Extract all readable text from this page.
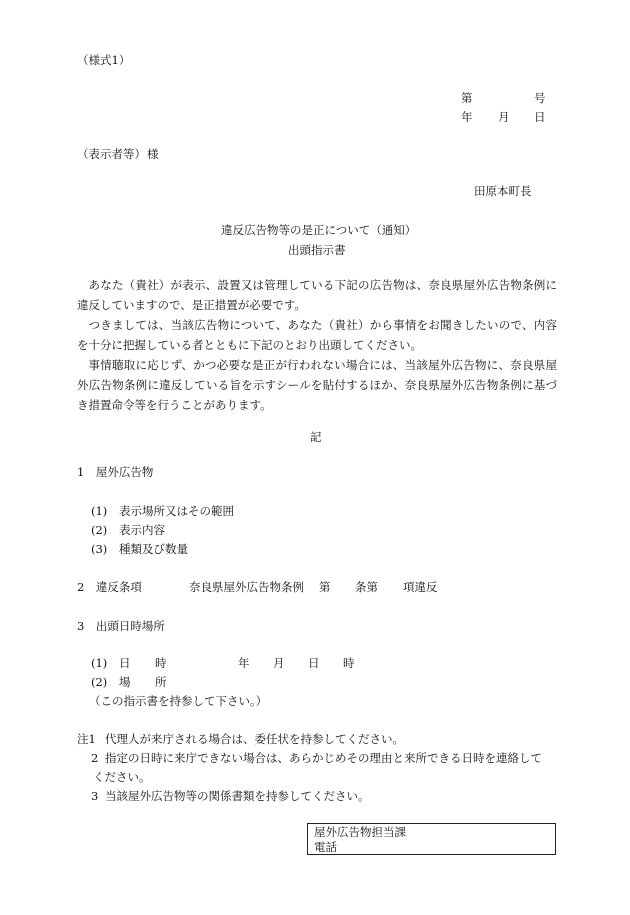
（様式1）
第	号
年 月 日
（表示者等） 様
田原本町長
違反広告物等の是正について（通知）
出頭指示書

あなた（貴社）が表示、設置又は管理している下記の広告物は、奈良県屋外広告物条例に違反していますので、是正措置が必要です。

つきましては、当該広告物について、あなた（貴社）から事情をお聞きしたいので、内容を十分に把握している者とともに下記のとおり出頭してください。

事情聴取に応じず、かつ必要な是正が行われない場合には、当該屋外広告物に、奈良県屋外広告物条例に違反している旨を示すシールを貼付するほか、奈良県屋外広告物条例に基づき措置命令等を行うことがあります。

記
1　屋外広告物
(1) 表示場所又はその範囲
(2) 表示内容
(3) 種類及び数量
2　違反条項	奈良県屋外広告物条例 第 条第 項違反
3　出頭日時場所
(1) 日 時	年 月 日 時
(2) 場 所
（この指示書を持参して下さい。）
注1 代理人が来庁される場合は、委任状を持参してください。
2 指定の日時に来庁できない場合は、あらかじめその理由と来所できる日時を連絡して
ください。
3 当該屋外広告物等の関係書類を持参してください。
屋外広告物担当課
電話
